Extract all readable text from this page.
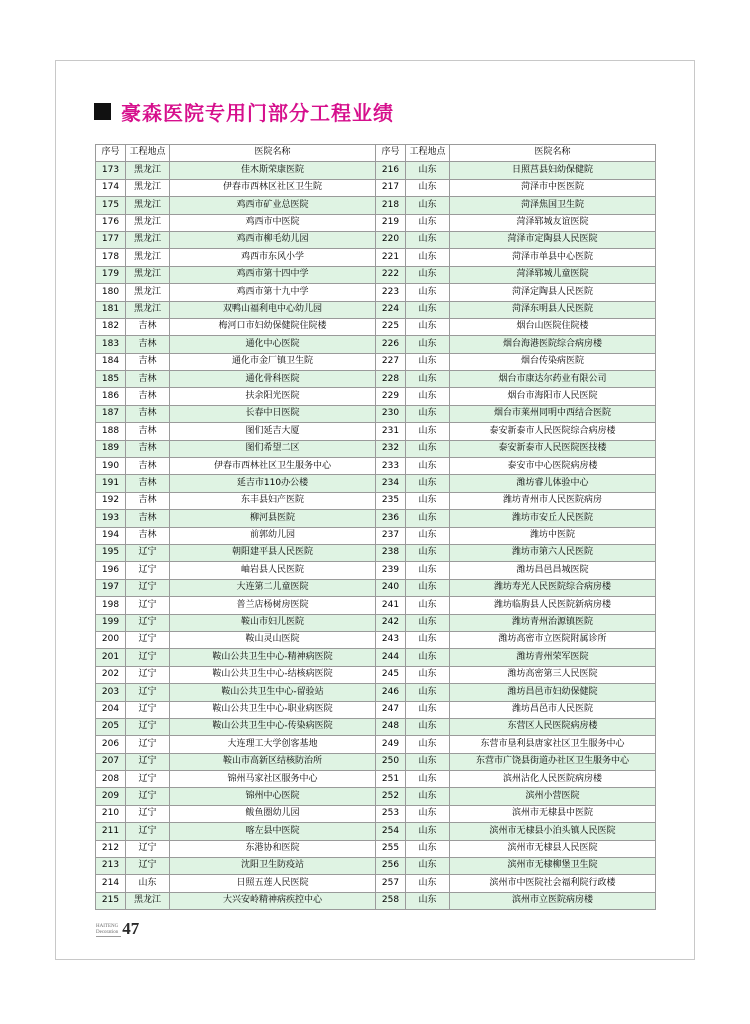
豪森医院专用门部分工程业绩
序号	工程地点	医院名称	序号	工程地点	医院名称
173	黑龙江	佳木斯荣康医院	216	山东	日照莒县妇幼保健院
174	黑龙江	伊春市西林区社区卫生院	217	山东	菏泽市中医医院
175	黑龙江	鸡西市矿业总医院	218	山东	菏泽焦国卫生院
176	黑龙江	鸡西市中医院	219	山东	菏泽郓城友谊医院
177	黑龙江	鸡西市柳毛幼儿园	220	山东	菏泽市定陶县人民医院
178	黑龙江	鸡西市东风小学	221	山东	菏泽市单县中心医院
179	黑龙江	鸡西市第十四中学	222	山东	菏泽郓城儿童医院
180	黑龙江	鸡西市第十九中学	223	山东	菏泽定陶县人民医院
181	黑龙江	双鸭山福利电中心幼儿园	224	山东	菏泽东明县人民医院
182	吉林	梅河口市妇幼保健院住院楼	225	山东	烟台山医院住院楼
183	吉林	通化中心医院	226	山东	烟台海港医院综合病房楼
184	吉林	通化市金厂镇卫生院	227	山东	烟台传染病医院
185	吉林	通化骨科医院	228	山东	烟台市康达尔药业有限公司
186	吉林	扶余阳光医院	229	山东	烟台市海阳市人民医院
187	吉林	长春中日医院	230	山东	烟台市莱州同明中西结合医院
188	吉林	图们延吉大厦	231	山东	泰安新泰市人民医院综合病房楼
189	吉林	图们希望二区	232	山东	泰安新泰市人民医院医技楼
190	吉林	伊春市西林社区卫生服务中心	233	山东	泰安市中心医院病房楼
191	吉林	延吉市110办公楼	234	山东	潍坊睿儿体验中心
192	吉林	东丰县妇产医院	235	山东	潍坊青州市人民医院病房
193	吉林	柳河县医院	236	山东	潍坊市安丘人民医院
194	吉林	前郭幼儿园	237	山东	潍坊中医院
195	辽宁	朝阳建平县人民医院	238	山东	潍坊市第六人民医院
196	辽宁	岫岩县人民医院	239	山东	潍坊昌邑昌城医院
197	辽宁	大连第二儿童医院	240	山东	潍坊寿光人民医院综合病房楼
198	辽宁	普兰店杨树房医院	241	山东	潍坊临朐县人民医院新病房楼
199	辽宁	鞍山市妇儿医院	242	山东	潍坊青州治源镇医院
200	辽宁	鞍山灵山医院	243	山东	潍坊高密市立医院附属诊所
201	辽宁	鞍山公共卫生中心-精神病医院	244	山东	潍坊青州荣军医院
202	辽宁	鞍山公共卫生中心-结核病医院	245	山东	潍坊高密第三人民医院
203	辽宁	鞍山公共卫生中心-留验站	246	山东	潍坊昌邑市妇幼保健院
204	辽宁	鞍山公共卫生中心-职业病医院	247	山东	潍坊昌邑市人民医院
205	辽宁	鞍山公共卫生中心-传染病医院	248	山东	东营区人民医院病房楼
206	辽宁	大连理工大学创客基地	249	山东	东营市垦利县唐家社区卫生服务中心
207	辽宁	鞍山市高新区结核防治所	250	山东	东营市广饶县街道办社区卫生服务中心
208	辽宁	锦州马家社区服务中心	251	山东	滨州沾化人民医院病房楼
209	辽宁	锦州中心医院	252	山东	滨州小营医院
210	辽宁	鲅鱼圈幼儿园	253	山东	滨州市无棣县中医院
211	辽宁	喀左县中医院	254	山东	滨州市无棣县小泊头镇人民医院
212	辽宁	东港协和医院	255	山东	滨州市无棣县人民医院
213	辽宁	沈阳卫生防疫站	256	山东	滨州市无棣柳堡卫生院
214	山东	日照五莲人民医院	257	山东	滨州市中医院社会福利院行政楼
215	黑龙江	大兴安岭精神病疾控中心	258	山东	滨州市立医院病房楼
HAITENG
Decoration 47
